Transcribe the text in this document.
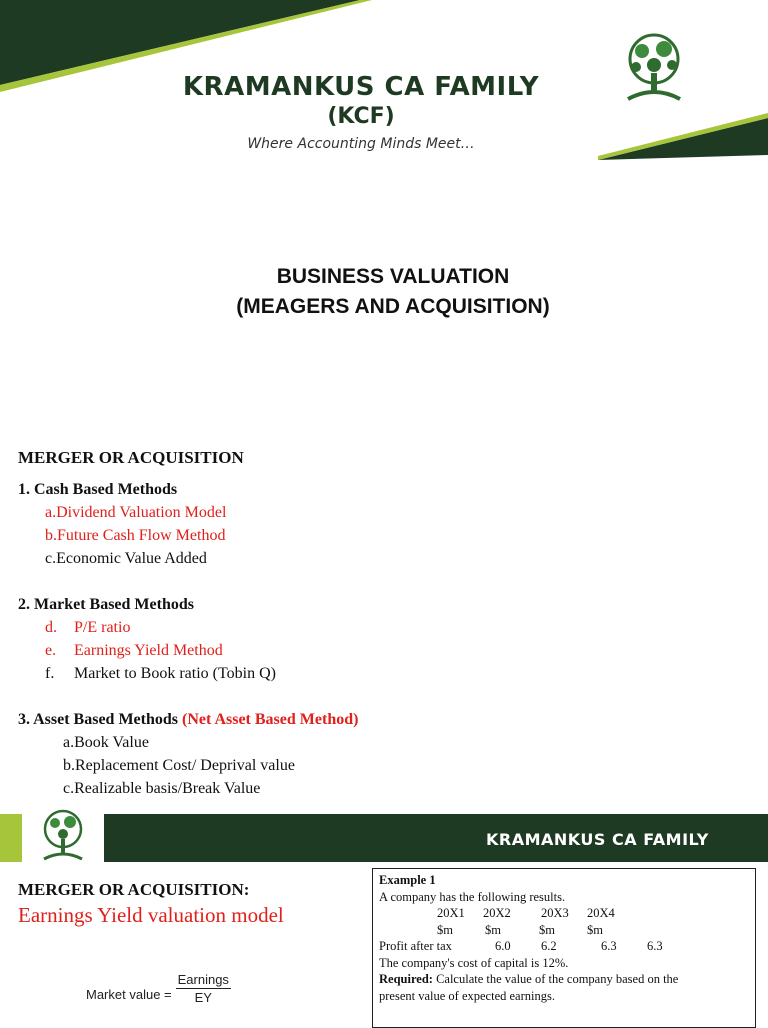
KRAMANKUS CA FAMILY
(KCF)
Where Accounting Minds Meet…
BUSINESS VALUATION
(MEAGERS AND ACQUISITION)
MERGER OR ACQUISITION
1. Cash Based Methods
a.Dividend Valuation Model
b.Future Cash Flow Method
c.Economic Value Added
2. Market Based Methods
d. P/E ratio
e. Earnings Yield Method
f. Market to Book ratio (Tobin Q)
3. Asset Based Methods (Net Asset Based Method)
a.Book Value
b.Replacement Cost/ Deprival value
c.Realizable basis/Break Value
KRAMANKUS CA FAMILY
MERGER OR ACQUISITION:
Earnings Yield valuation model
Market value =
Earnings
EY
Example 1
A company has the following results.
20X1 20X2 20X3 20X4
$m	$m	$m	$m
Profit after tax	6.0 6.2	6.3 6.3
The company's cost of capital is 12%.
Required: Calculate the value of the company based on the
present value of expected earnings.
